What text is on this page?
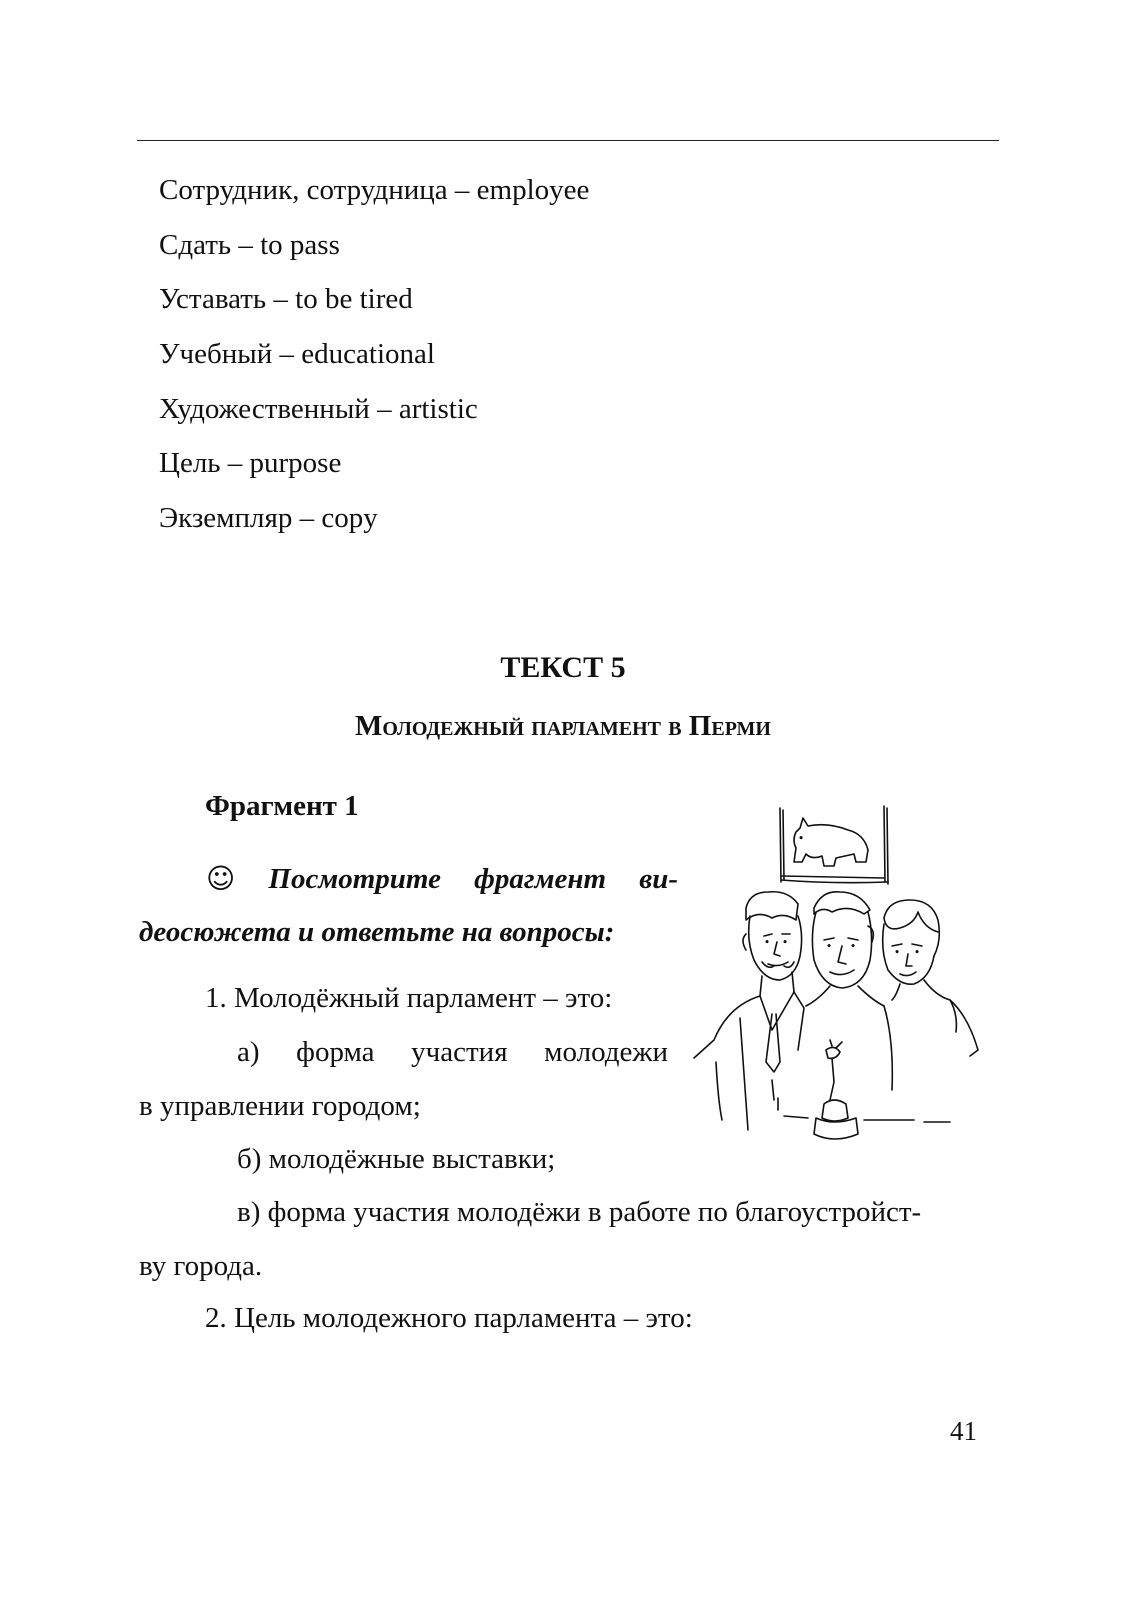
Сотрудник, сотрудница – employee
Сдать – to pass
Уставать – to be tired
Учебный – educational
Художественный – artistic
Цель – purpose
Экземпляр – copy
ТЕКСТ 5
Молодежный парламент в Перми
Фрагмент 1
☺ Посмотрите фрагмент ви-
деосюжета и ответьте на вопросы:
1. Молодёжный парламент – это:
а) форма участия молодежи
в управлении городом;
б) молодёжные выставки;
в) форма участия молодёжи в работе по благоустройст-
ву города.
2. Цель молодежного парламента – это:
41
